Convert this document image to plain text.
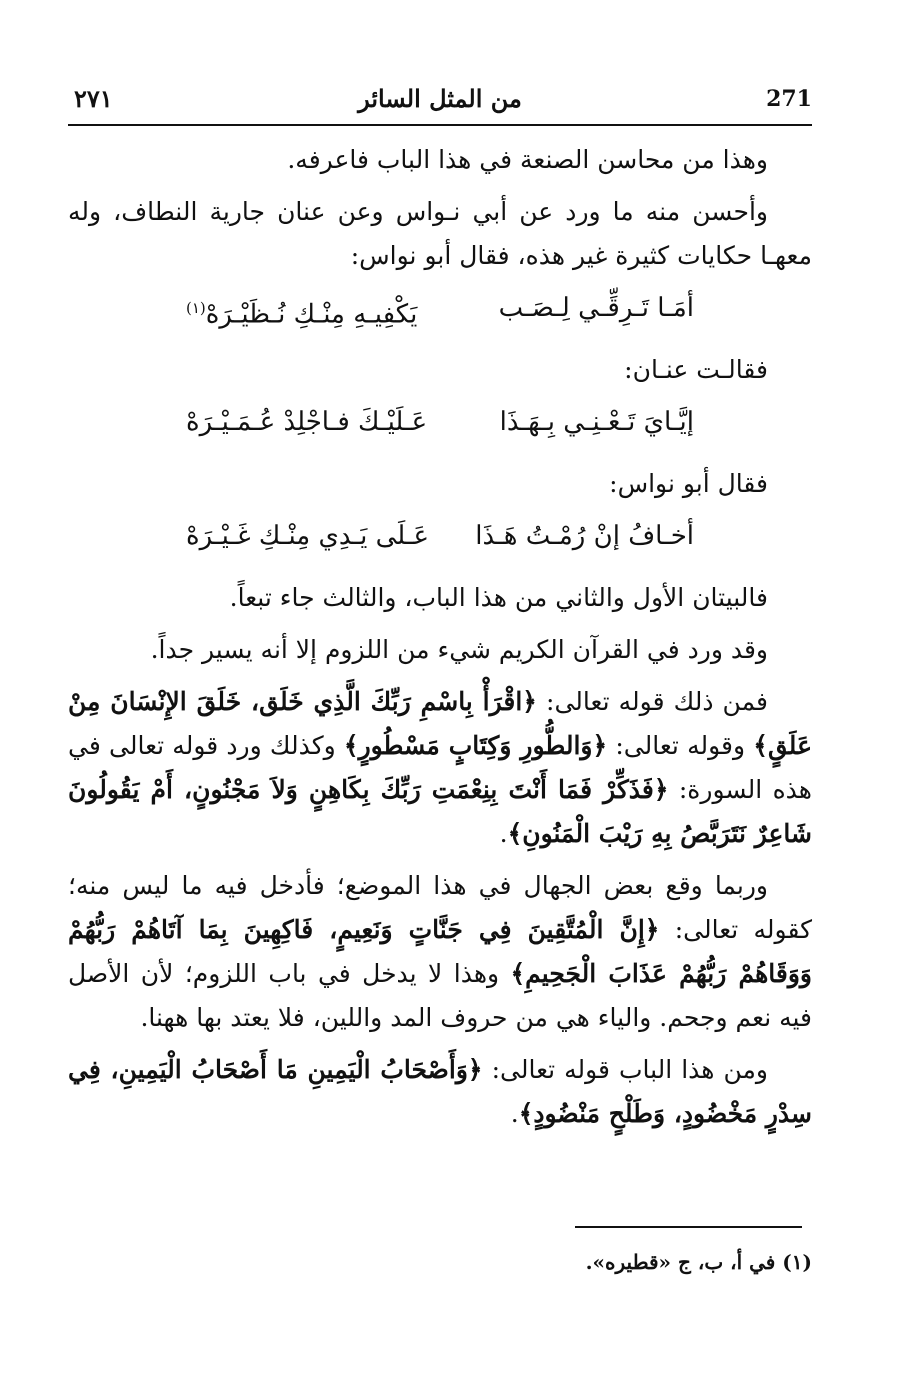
271
من المثل السائر
٢٧١

وهذا من محاسن الصنعة في هذا الباب فاعرفه.

وأحسن منه ما ورد عن أبي نـواس وعن عنان جارية النطاف، وله معهـا حكايات كثيرة غير هذه، فقال أبو نواس:

أمَـا تَـرِقِّـي لِـصَـب
يَكْفِيـهِ مِنْـكِ نُـظَيْـرَهْ$^{(١)}$

فقالـت عنـان:

إيَّـايَ تَـعْـنِـي بِـهَـذَا
عَـلَيْـكَ فـاجْلِدْ عُـمَـيْـرَهْ

فقال أبو نواس:

أخـافُ إنْ رُمْـتُ هَـذَا
عَـلَى يَـدِي مِنْـكِ غَـيْـرَهْ

فالبيتان الأول والثاني من هذا الباب، والثالث جاء تبعاً.

وقد ورد في القرآن الكريم شيء من اللزوم إلا أنه يسير جداً.

فمن ذلك قوله تعالى: ﴿اقْرَأْ بِاسْمِ رَبِّكَ الَّذِي خَلَق، خَلَقَ الإِنْسَانَ مِنْ عَلَقٍ﴾ وقوله تعالى: ﴿وَالطُّورِ وَكِتَابٍ مَسْطُورٍ﴾ وكذلك ورد قوله تعالى في هذه السورة: ﴿فَذَكِّرْ فَمَا أَنْتَ بِنِعْمَتِ رَبِّكَ بِكَاهِنٍ وَلاَ مَجْنُونٍ، أَمْ يَقُولُونَ شَاعِرٌ نَتَرَبَّصُ بِهِ رَيْبَ الْمَنُونِ﴾.

وربما وقع بعض الجهال في هذا الموضع؛ فأدخل فيه ما ليس منه؛ كقوله تعالى: ﴿إِنَّ الْمُتَّقِينَ فِي جَنَّاتٍ وَنَعِيمٍ، فَاكِهِينَ بِمَا آتَاهُمْ رَبُّهُمْ وَوَقَاهُمْ رَبُّهُمْ عَذَابَ الْجَحِيمِ﴾ وهذا لا يدخل في باب اللزوم؛ لأن الأصل فيه نعم وجحم. والياء هي من حروف المد واللين، فلا يعتد بها ههنا.

ومن هذا الباب قوله تعالى: ﴿وَأَصْحَابُ الْيَمِينِ مَا أَصْحَابُ الْيَمِينِ، فِي سِدْرٍ مَخْضُودٍ، وَطَلْحٍ مَنْضُودٍ﴾.

(١) في أ، ب، ج «قطيره».
